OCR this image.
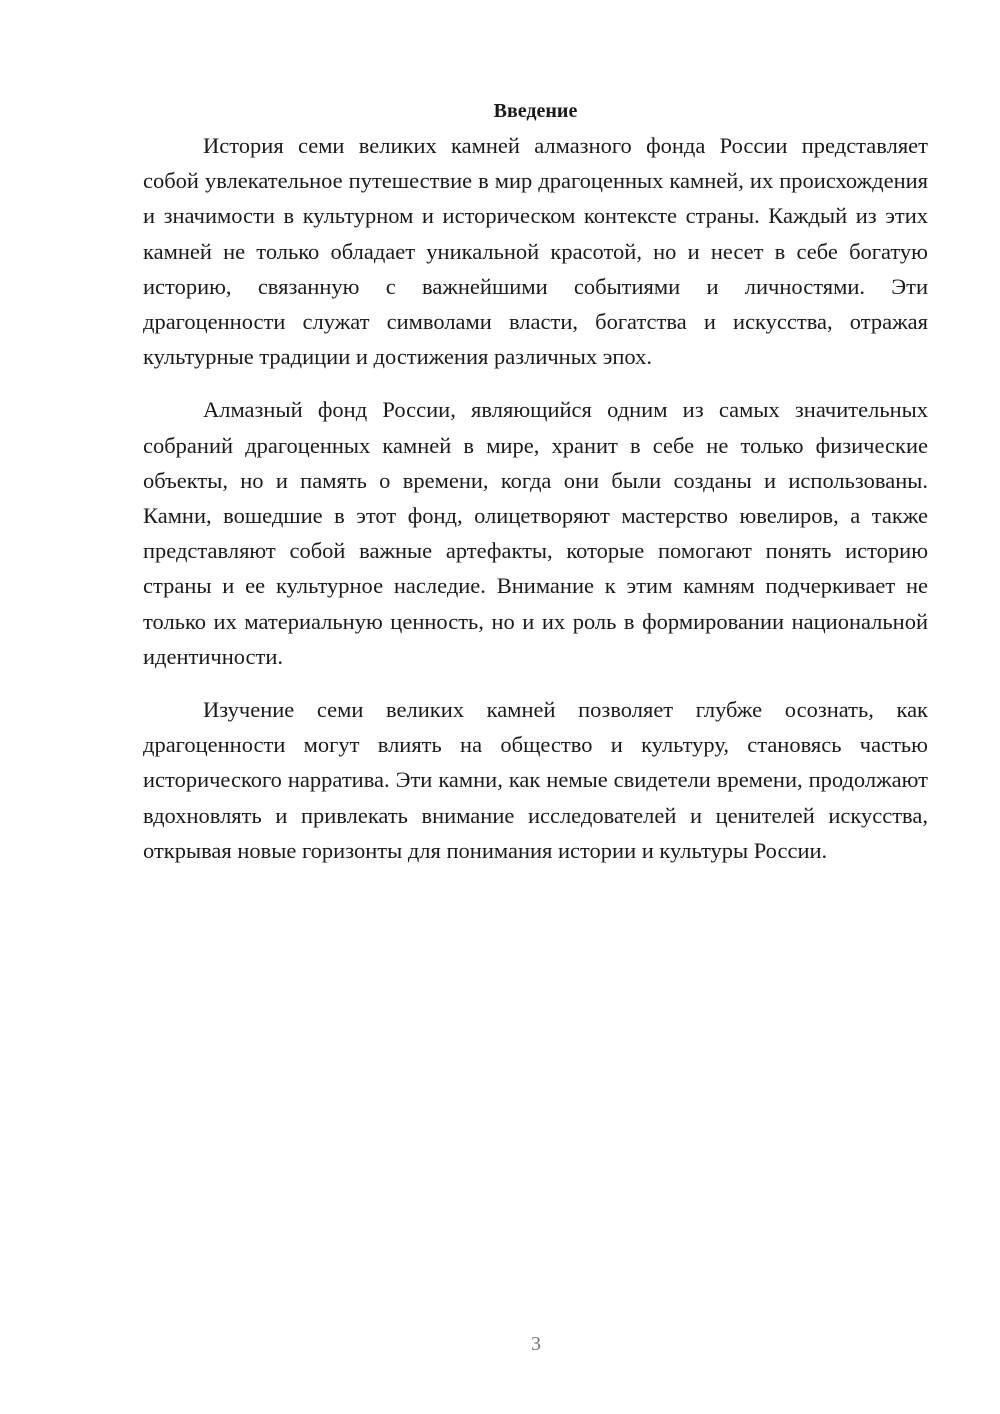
Введение

История семи великих камней алмазного фонда России представляет собой увлекательное путешествие в мир драгоценных камней, их происхождения и значимости в культурном и историческом контексте страны. Каждый из этих камней не только обладает уникальной красотой, но и несет в себе богатую историю, связанную с важнейшими событиями и личностями. Эти драгоценности служат символами власти, богатства и искусства, отражая культурные традиции и достижения различных эпох.

Алмазный фонд России, являющийся одним из самых значительных собраний драгоценных камней в мире, хранит в себе не только физические объекты, но и память о времени, когда они были созданы и использованы. Камни, вошедшие в этот фонд, олицетворяют мастерство ювелиров, а также представляют собой важные артефакты, которые помогают понять историю страны и ее культурное наследие. Внимание к этим камням подчеркивает не только их материальную ценность, но и их роль в формировании национальной идентичности.

Изучение семи великих камней позволяет глубже осознать, как драгоценности могут влиять на общество и культуру, становясь частью исторического нарратива. Эти камни, как немые свидетели времени, продолжают вдохновлять и привлекать внимание исследователей и ценителей искусства, открывая новые горизонты для понимания истории и культуры России.

3
